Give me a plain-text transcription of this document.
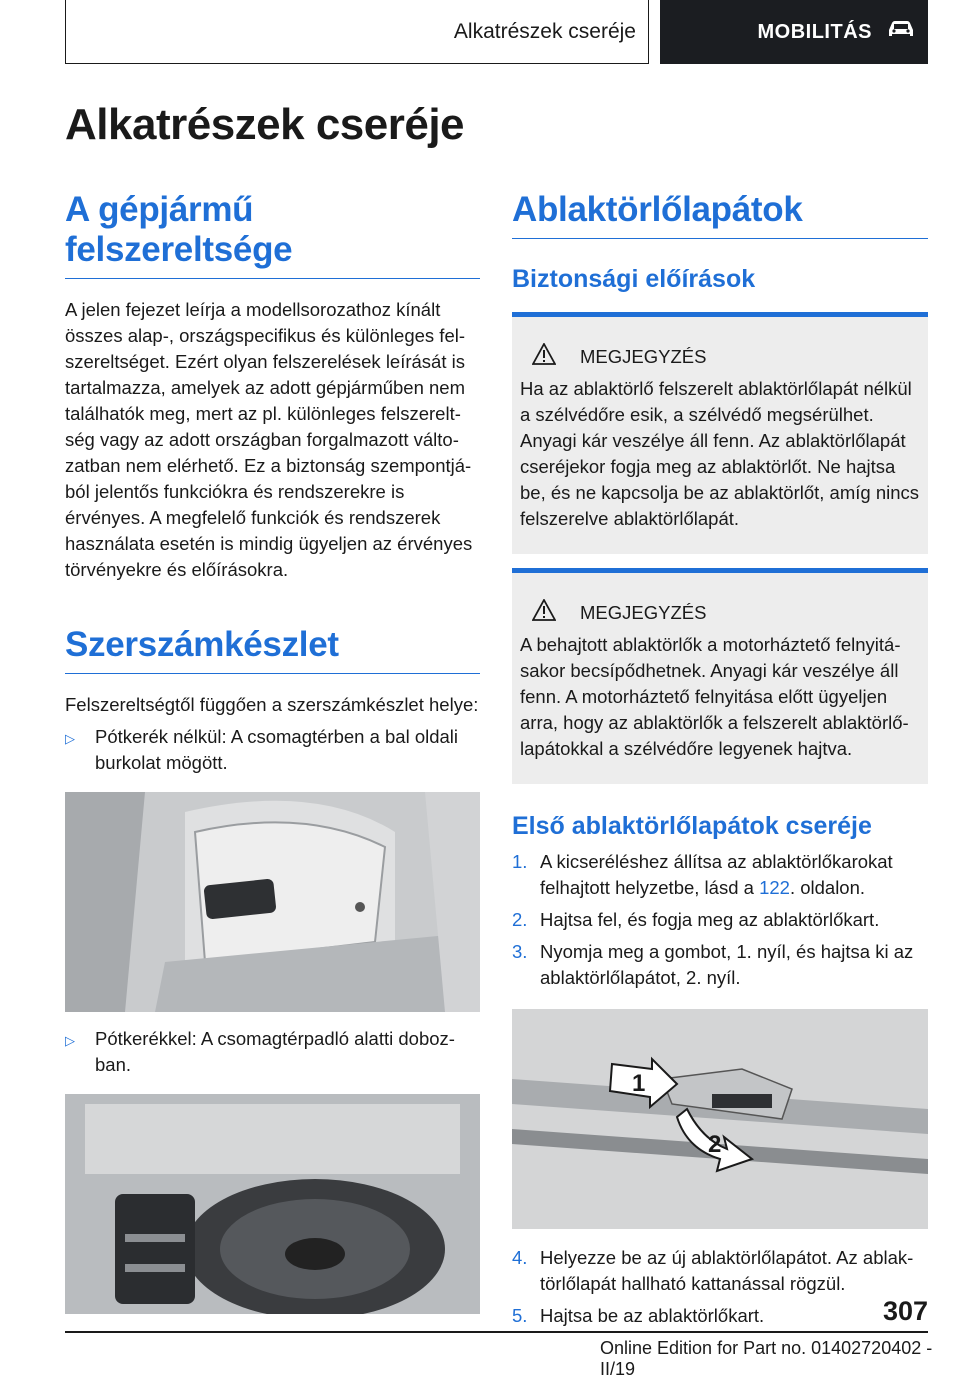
Alkatrészek cseréje	MOBILITÁS
Alkatrészek cseréje
A gépjármű felszereltsége

A jelen fejezet leírja a modellsorozathoz kínált összes alap-, országspecifikus és különleges felszereltséget. Ezért olyan felszerelések leírását is tartalmazza, amelyek az adott gépjárműben nem találhatók meg, mert az pl. különleges felszereltség vagy az adott országban forgalmazott változatban nem elérhető. Ez a biztonság szempontjából jelentős funkciókra és rendszerekre is érvényes. A megfelelő funkciók és rendszerek használata esetén is mindig ügyeljen az érvényes törvényekre és előírásokra.

Szerszámkészlet

Felszereltségtől függően a szerszámkészlet helye:

▷	Pótkerék nélkül: A csomagtérben a bal oldali burkolat mögött.
▷	Pótkerékkel: A csomagtérpadló alatti dobozban.
Ablaktörlőlapátok
Biztonsági előírások
MEGJEGYZÉS

Ha az ablaktörlő felszerelt ablaktörlőlapát nélkül a szélvédőre esik, a szélvédő megsérülhet. Anyagi kár veszélye áll fenn. Az ablaktörlőlapát cseréjekor fogja meg az ablaktörlőt. Ne hajtsa be, és ne kapcsolja be az ablaktörlőt, amíg nincs felszerelve ablaktörlőlapát.

MEGJEGYZÉS

A behajtott ablaktörlők a motorháztető felnyitásakor becsípődhetnek. Anyagi kár veszélye áll fenn. A motorháztető felnyitása előtt ügyeljen arra, hogy az ablaktörlők a felszerelt ablaktörlőlapátokkal a szélvédőre legyenek hajtva.

Első ablaktörlőlapátok cseréje
1. A kicseréléshez állítsa az ablaktörlőkarokat felhajtott helyzetbe, lásd a 122. oldalon.
2. Hajtsa fel, és fogja meg az ablaktörlőkart.
3. Nyomja meg a gombot, 1. nyíl, és hajtsa ki az ablaktörlőlapátot, 2. nyíl.
1
2
4. Helyezze be az új ablaktörlőlapátot. Az ablaktörlőlapát hallható kattanással rögzül.
5. Hajtsa be az ablaktörlőkart.	307
Online Edition for Part no. 01402720402 - II/19
